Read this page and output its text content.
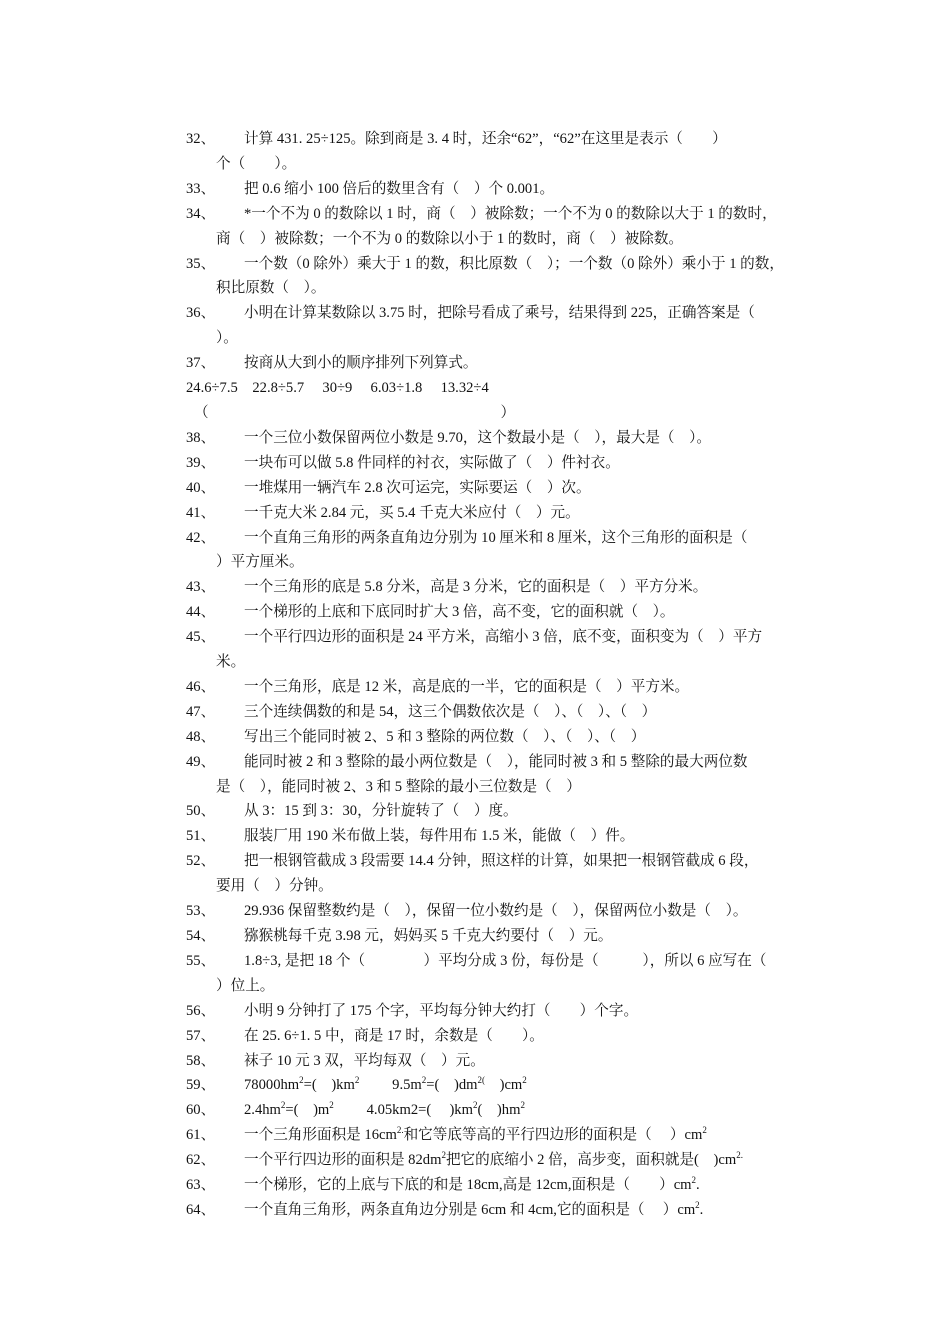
32、	计算 431. 25÷125。除到商是 3. 4 时，还余“62”，“62”在这里是表示（　　）
个（　　）。
33、	把 0.6 缩小 100 倍后的数里含有（　）个 0.001。
34、	*一个不为 0 的数除以 1 时，商（　）被除数；一个不为 0 的数除以大于 1 的数时，
商（　）被除数；一个不为 0 的数除以小于 1 的数时，商（　）被除数。
35、	一个数（0 除外）乘大于 1 的数，积比原数（　）；一个数（0 除外）乘小于 1 的数，
积比原数（　）。
36、	小明在计算某数除以 3.75 时，把除号看成了乘号，结果得到 225，正确答案是（
）。
37、	按商从大到小的顺序排列下列算式。
24.6÷7.5　22.8÷5.7　 30÷9　 6.03÷1.8　 13.32÷4
（　　　　　　　　　　　　　　　　　　　　）
38、	一个三位小数保留两位小数是 9.70，这个数最小是（　），最大是（　）。
39、	一块布可以做 5.8 件同样的衬衣，实际做了（　）件衬衣。
40、	一堆煤用一辆汽车 2.8 次可运完，实际要运（　）次。
41、	一千克大米 2.84 元，买 5.4 千克大米应付（　）元。
42、	一个直角三角形的两条直角边分别为 10 厘米和 8 厘米，这个三角形的面积是（
）平方厘米。
43、	一个三角形的底是 5.8 分米，高是 3 分米，它的面积是（　）平方分米。
44、	一个梯形的上底和下底同时扩大 3 倍，高不变，它的面积就（　）。
45、	一个平行四边形的面积是 24 平方米，高缩小 3 倍，底不变，面积变为（　）平方
米。
46、	一个三角形，底是 12 米，高是底的一半，它的面积是（　）平方米。
47、	三个连续偶数的和是 54，这三个偶数依次是（　）、（　）、（　）
48、	写出三个能同时被 2、5 和 3 整除的两位数（　）、（　）、（　）
49、	能同时被 2 和 3 整除的最小两位数是（　），能同时被 3 和 5 整除的最大两位数
是（　），能同时被 2、3 和 5 整除的最小三位数是（　）
50、	从 3：15 到 3：30，分针旋转了（　）度。
51、	服装厂用 190 米布做上装，每件用布 1.5 米，能做（　）件。
52、	把一根钢管截成 3 段需要 14.4 分钟，照这样的计算，如果把一根钢管截成 6 段，
要用（　）分钟。
53、	29.936 保留整数约是（　），保留一位小数约是（　），保留两位小数是（　）。
54、	猕猴桃每千克 3.98 元，妈妈买 5 千克大约要付（　）元。
55、	1.8÷3, 是把 18 个（　　　　）平均分成 3 份，每份是（　　　），所以 6 应写在（
）位上。
56、	小明 9 分钟打了 175 个字，平均每分钟大约打（　　）个字。
57、	在 25. 6÷1. 5 中，商是 17 时，余数是（　　）。
58、	袜子 10 元 3 双，平均每双（　）元。
59、	$78000hm^2=$(　)$km^2$　　 $9.5m^2=$(　)$dm^{2(}$　)$cm^2$
60、	$2.4hm^2=$(　)$m^2$　　 4.05km2=(　 )$km^2$(　)$hm^2$
61、	一个三角形面积是 $16cm^{2.}$和它等底等高的平行四边形的面积是（　 ）$cm^2$
62、	一个平行四边形的面积是 $82dm^2$把它的底缩小 2 倍，高步变，面积就是(　)$cm^{2.}$
63、	一个梯形，它的上底与下底的和是 18cm,高是 12cm,面积是（　　）$cm^2$.
64、	一个直角三角形，两条直角边分别是 6cm 和 4cm,它的面积是（　 ）$cm^2$.
